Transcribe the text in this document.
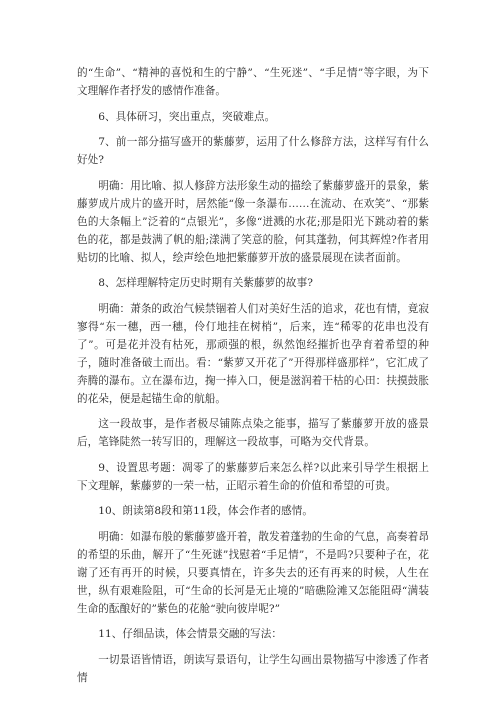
的“生命”、“精神的喜悦和生的宁静”、“生死迷”、“手足情”等字眼，为下文理解作者抒发的感情作准备。

6、具体研习，突出重点，突破难点。

7、前一部分描写盛开的紫藤萝，运用了什么修辞方法，这样写有什么好处?

明确：用比喻、拟人修辞方法形象生动的描绘了紫藤萝盛开的景象，紫藤萝成片成片的盛开时，居然能“像一条瀑布……在流动、在欢笑”、“那紫色的大条幅上”泛着的“点银光”，多像“迸溅的水花;那是阳光下跳动着的紫色的花，都是鼓满了帆的船;漾满了笑意的脸，何其蓬勃，何其辉煌?作者用贴切的比喻、拟人，绘声绘色地把紫藤萝开放的盛景展现在读者面前。

8、怎样理解特定历史时期有关紫藤萝的故事?

明确：萧条的政治气候禁锢着人们对美好生活的追求，花也有情，竟寂寥得“东一穗，西一穗，伶仃地挂在树梢”，后来，连“稀零的花串也没有了”。可是花并没有枯死，那顽强的根，纵然饱经摧折也孕育着希望的种子，随时准备破土而出。看：“紫萝又开花了”开得那样盛那样”，它汇成了奔腾的瀑布。立在瀑布边，掬一捧入口，便是滋润着干枯的心田：扶摸鼓胀的花朵，便是起锚生命的航船。

这一段故事，是作者极尽铺陈点染之能事，描写了紫藤萝开放的盛景后，笔锋陡然一转写旧的，理解这一段故事，可略为交代背景。

9、设置思考题：凋零了的紫藤萝后来怎么样?以此来引导学生根据上下文理解，紫藤萝的一荣一枯，正昭示着生命的价值和希望的可贵。

10、朗读第8段和第11段，体会作者的感情。

明确：如瀑布般的紫藤萝盛开着，散发着蓬勃的生命的气息，高奏着昂的希望的乐曲，解开了“生死谜”找慰着“手足情”，不是吗?只要种子在，花谢了还有再开的时候，只要真情在，许多失去的还有再来的时候，人生在世，纵有艰难险阻，可“生命的长河是无止境的”暗礁险滩又怎能阻碍“满装生命的酝酿好的”紫色的花舱“驶向彼岸呢?”

11、仔细品读，体会情景交融的写法：

一切景语皆情语，朗读写景语句，让学生勾画出景物描写中渗透了作者情
